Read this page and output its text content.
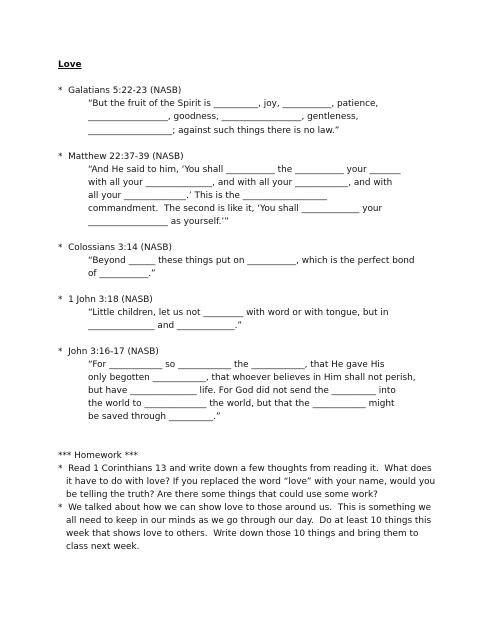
Love
*  Galatians 5:22-23 (NASB)
“But the fruit of the Spirit is __________, joy, ___________, patience,
__________________, goodness, __________________, gentleness,
___________________; against such things there is no law.”
*  Matthew 22:37-39 (NASB)
“And He said to him, ‘You shall ___________ the ___________ your _______
with all your _______________, and with all your ____________, and with
all your ______________.’ This is the ___________________
commandment.  The second is like it, ‘You shall _____________ your
__________________ as yourself.’”
*  Colossians 3:14 (NASB)
“Beyond ______ these things put on ___________, which is the perfect bond
of ___________.”
*  1 John 3:18 (NASB)
“Little children, let us not _________ with word or with tongue, but in
_______________ and _____________.”
*  John 3:16-17 (NASB)
“For ____________ so ____________ the ____________, that He gave His
only begotten ____________, that whoever believes in Him shall not perish,
but have _______________ life. For God did not send the __________ into
the world to ______________ the world, but that the ____________ might
be saved through __________.”
*** Homework ***
*  Read 1 Corinthians 13 and write down a few thoughts from reading it.  What does
it have to do with love? If you replaced the word “love” with your name, would you
be telling the truth? Are there some things that could use some work?
*  We talked about how we can show love to those around us.  This is something we
all need to keep in our minds as we go through our day.  Do at least 10 things this
week that shows love to others.  Write down those 10 things and bring them to
class next week.
